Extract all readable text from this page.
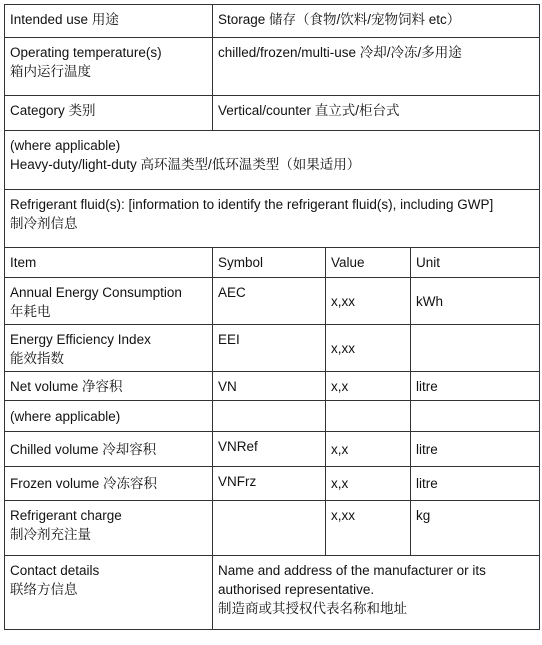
Intended use 用途	Storage 储存（食物/饮料/宠物饲料 etc）		

Operating temperature(s)
箱内运行温度	chilled/frozen/multi-use 冷却/冷冻/多用途		

Category 类别	Vertical/counter 直立式/柜台式		

(where applicable)
Heavy-duty/light-duty 高环温类型/低环温类型（如果适用）			

Refrigerant fluid(s): [information to identify the refrigerant fluid(s), including GWP]
制冷剂信息			

Item	Symbol	Value	Unit

Annual Energy Consumption
年耗电	AEC	x,xx	kWh

Energy Efficiency Index
能效指数	EEI	x,xx	

Net volume 净容积	VN	x,x	litre

(where applicable)			

Chilled volume 冷却容积	VNRef	x,x	litre

Frozen volume 冷冻容积	VNFrz	x,x	litre

Refrigerant charge
制冷剂充注量		x,xx	kg

Contact details
联络方信息	Name and address of the manufacturer or its authorised representative.
制造商或其授权代表名称和地址		
